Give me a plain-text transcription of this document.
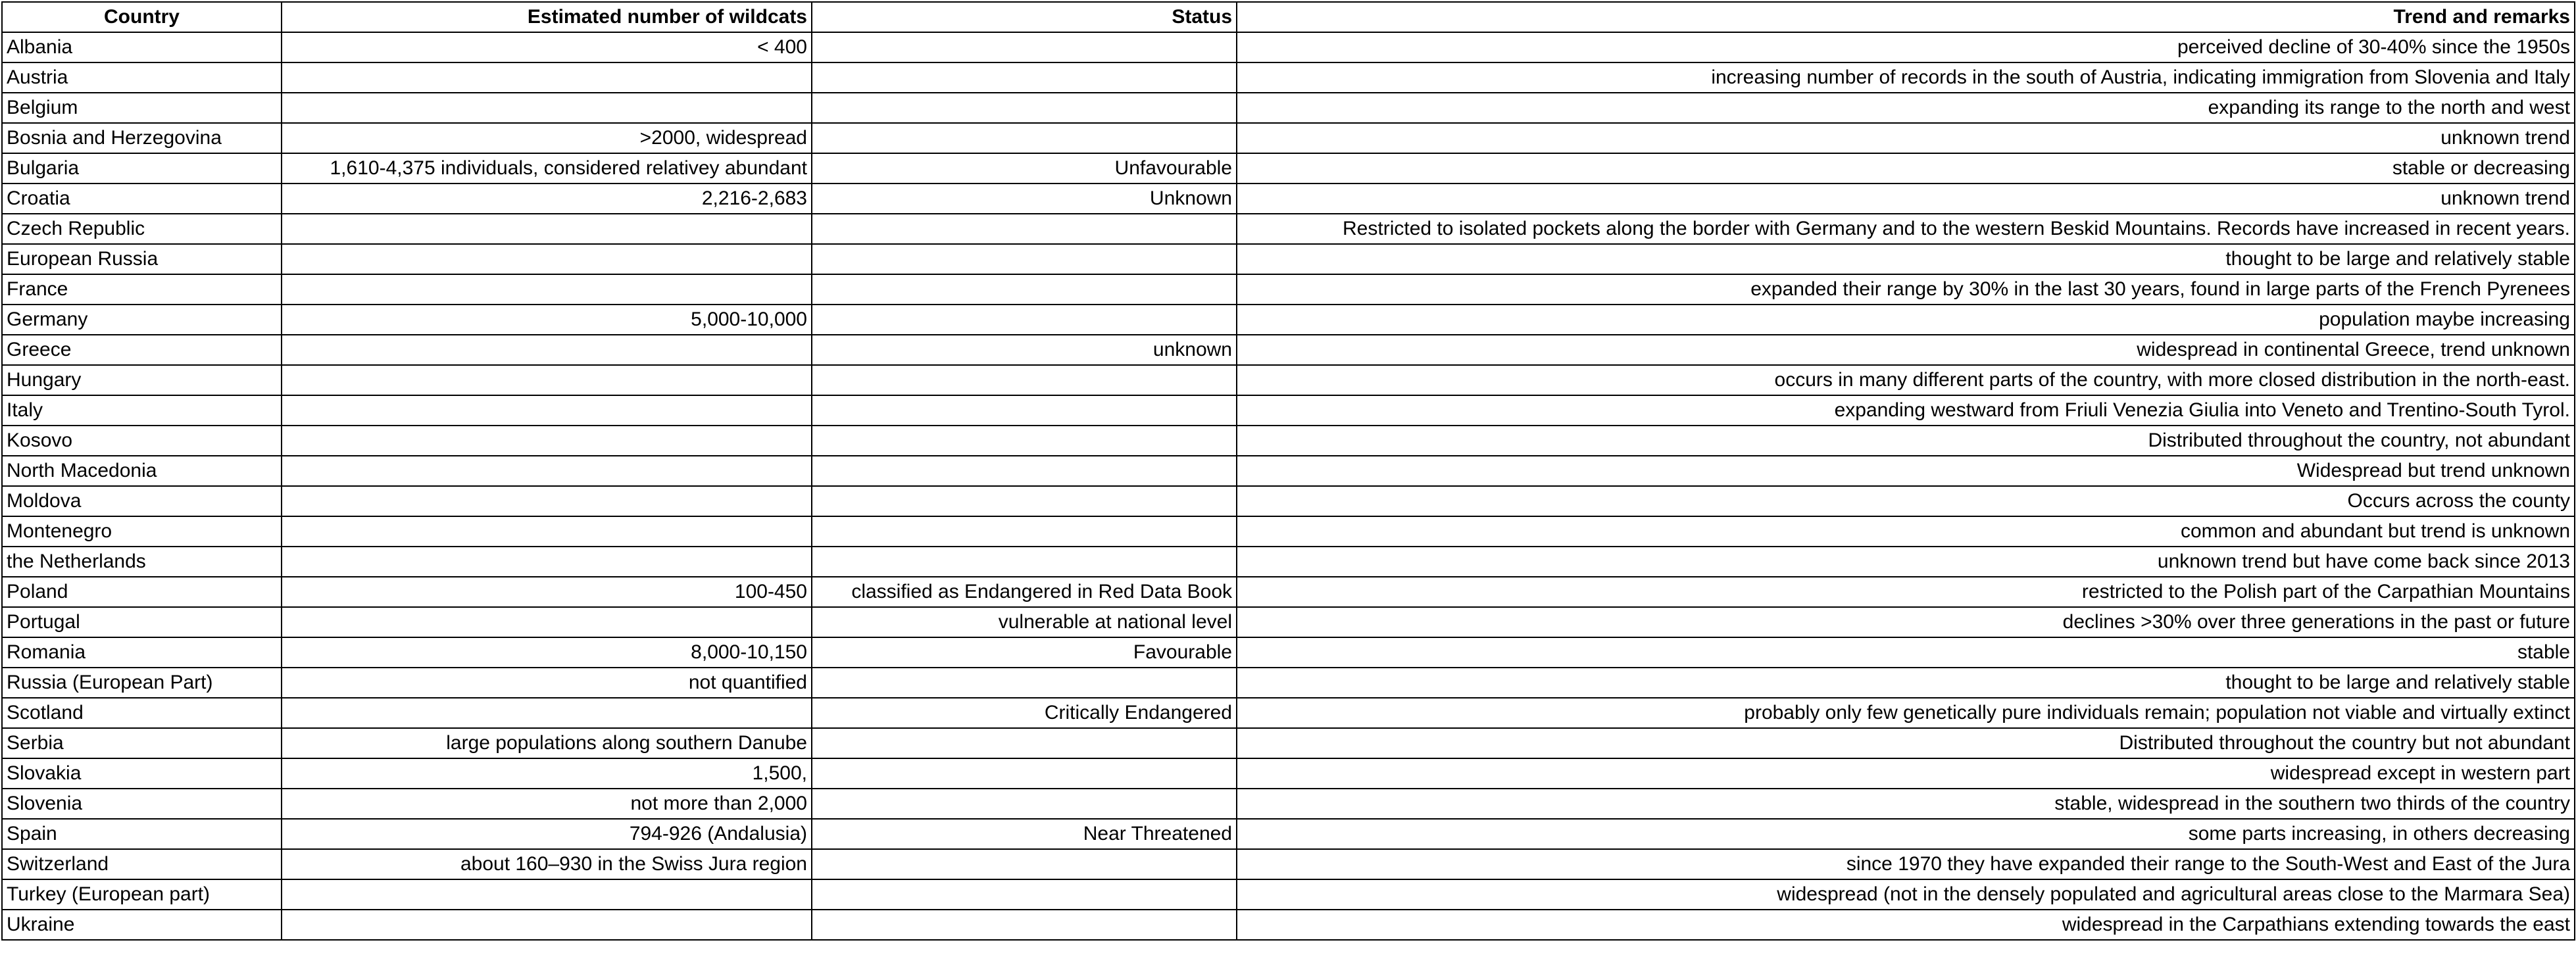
Country	Estimated number of wildcats	Status	Trend and remarks
Albania	< 400		perceived decline of 30-40% since the 1950s
Austria			increasing number of records in the south of Austria, indicating immigration from Slovenia and Italy
Belgium			expanding its range to the north and west
Bosnia and Herzegovina	>2000, widespread		unknown trend
Bulgaria	1,610-4,375 individuals, considered relativey abundant	Unfavourable	stable or decreasing
Croatia	2,216-2,683	Unknown	unknown trend
Czech Republic			Restricted to isolated pockets along the border with Germany and to the western Beskid Mountains. Records have increased in recent years.
European Russia			thought to be large and relatively stable
France			expanded their range by 30% in the last 30 years, found in large parts of the French Pyrenees
Germany	5,000-10,000		population maybe increasing
Greece		unknown	widespread in continental Greece, trend unknown
Hungary			occurs in many different parts of the country, with more closed distribution in the north-east.
Italy			expanding westward from Friuli Venezia Giulia into Veneto and Trentino-South Tyrol.
Kosovo			Distributed throughout the country, not abundant
North Macedonia			Widespread but trend unknown
Moldova			Occurs across the county
Montenegro			common and abundant but trend is unknown
the Netherlands			unknown trend but have come back since 2013
Poland	100-450	classified as Endangered in Red Data Book	restricted to the Polish part of the Carpathian Mountains
Portugal		vulnerable at national level	declines >30% over three generations in the past or future
Romania	8,000-10,150	Favourable	stable
Russia (European Part)	not quantified		thought to be large and relatively stable
Scotland		Critically Endangered	probably only few genetically pure individuals remain; population not viable and virtually extinct
Serbia	large populations along southern Danube		Distributed throughout the country but not abundant
Slovakia	1,500,		widespread except in western part
Slovenia	not more than 2,000		stable, widespread in the southern two thirds of the country
Spain	794-926 (Andalusia)	Near Threatened	some parts increasing, in others decreasing
Switzerland	about 160–930 in the Swiss Jura region		since 1970 they have expanded their range to the South-West and East of the Jura
Turkey (European part)			widespread (not in the densely populated and agricultural areas close to the Marmara Sea)
Ukraine			widespread in the Carpathians extending towards the east
